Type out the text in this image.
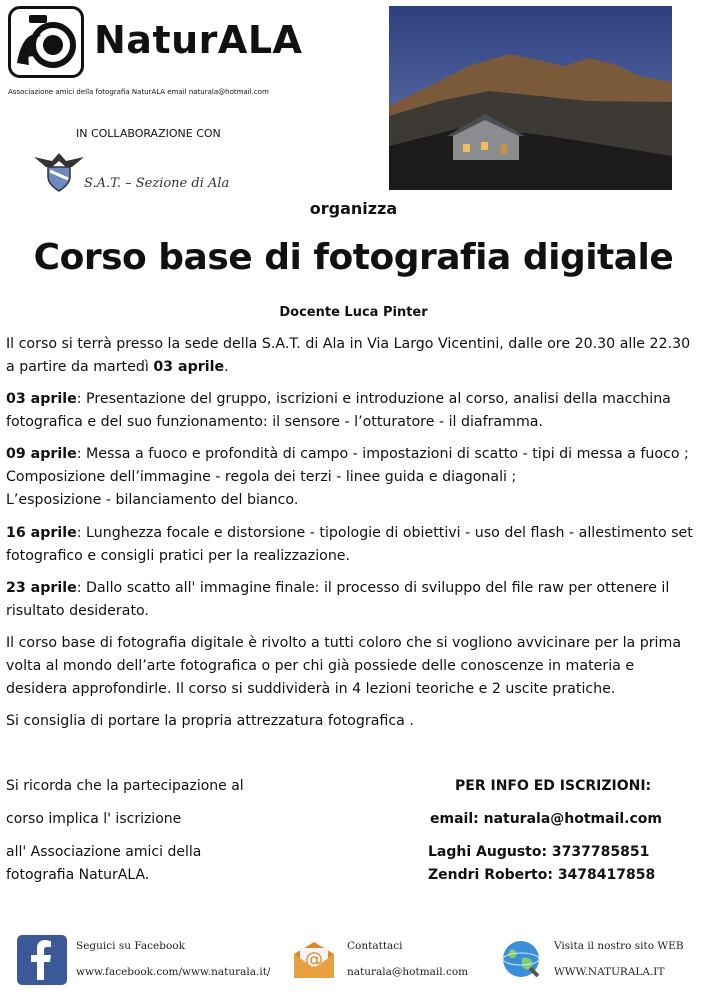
NaturALA
Associazione amici della fotografia NaturALA email naturala@hotmail.com
IN COLLABORAZIONE CON
S.A.T. – Sezione di Ala
organizza
Corso base di fotografia digitale
Docente Luca Pinter
Il corso si terrà presso la sede della S.A.T. di Ala in Via Largo Vicentini, dalle ore 20.30 alle 22.30 a partire da martedì 03 aprile.
03 aprile: Presentazione del gruppo, iscrizioni e introduzione al corso, analisi della macchina fotografica e del suo funzionamento: il sensore - l’otturatore - il diaframma.
09 aprile: Messa a fuoco e profondità di campo - impostazioni di scatto - tipi di messa a fuoco ;
Composizione dell’immagine - regola dei terzi - linee guida e diagonali ;
L’esposizione - bilanciamento del bianco.
16 aprile: Lunghezza focale e distorsione - tipologie di obiettivi - uso del flash - allestimento set fotografico e consigli pratici per la realizzazione.
23 aprile: Dallo scatto all' immagine finale: il processo di sviluppo del file raw per ottenere il risultato desiderato.
Il corso base di fotografia digitale è rivolto a tutti coloro che si vogliono avvicinare per la prima volta al mondo dell’arte fotografica o per chi già possiede delle conoscenze in materia e desidera approfondirle. Il corso si suddividerà in 4 lezioni teoriche e 2 uscite pratiche.
Si consiglia di portare la propria attrezzatura fotografica .
Si ricorda che la partecipazione al
corso implica l' iscrizione
all' Associazione amici della
fotografia NaturALA.
PER INFO ED ISCRIZIONI:
email: naturala@hotmail.com
Laghi Augusto: 3737785851
Zendri Roberto: 3478417858
Seguici su Facebook
www.facebook.com/www.naturala.it/
@
Contattaci
naturala@hotmail.com
Visita il nostro sito WEB
WWW.NATURALA.IT
